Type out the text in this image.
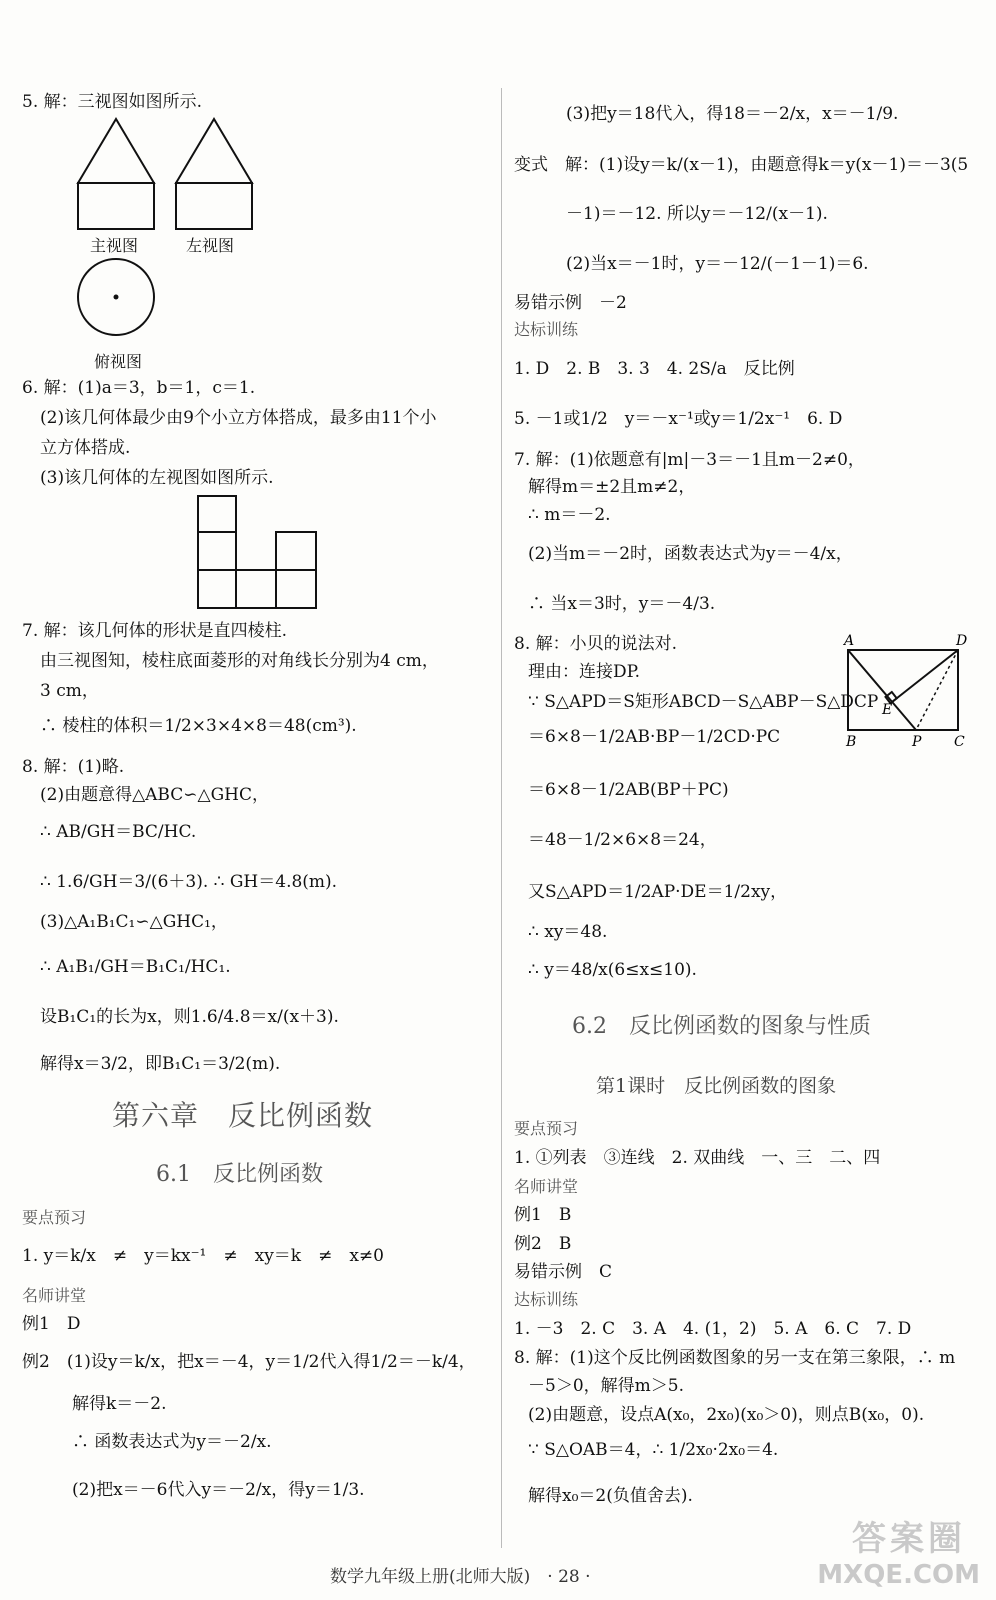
5. 解：三视图如图所示.
主视图	左视图
俯视图
6. 解：(1)a＝3，b＝1，c＝1.
(2)该几何体最少由9个小立方体搭成，最多由11个小
立方体搭成.
(3)该几何体的左视图如图所示.
7. 解：该几何体的形状是直四棱柱.
由三视图知，棱柱底面菱形的对角线长分别为4 cm，
3 cm，
∴ 棱柱的体积＝1/2×3×4×8＝48(cm³).
8. 解：(1)略.
(2)由题意得△ABC∽△GHC，
∴ AB/GH＝BC/HC.
∴ 1.6/GH＝3/(6＋3). ∴ GH＝4.8(m).
(3)△A₁B₁C₁∽△GHC₁，
∴ A₁B₁/GH＝B₁C₁/HC₁.
设B₁C₁的长为x，则1.6/4.8＝x/(x＋3).
解得x＝3/2，即B₁C₁＝3/2(m).
第六章　反比例函数
6.1　反比例函数
要点预习
1. y＝k/x　≠　y＝kx⁻¹　≠　xy＝k　≠　x≠0
名师讲堂
例1　D
例2　(1)设y＝k/x，把x＝－4，y＝1/2代入得1/2＝－k/4，
解得k＝－2.
∴ 函数表达式为y＝－2/x.
(2)把x＝－6代入y＝－2/x，得y＝1/3.
(3)把y＝18代入，得18＝－2/x，x＝－1/9.
变式　解：(1)设y＝k/(x－1)，由题意得k＝y(x－1)＝－3(5
－1)＝－12. 所以y＝－12/(x－1).
(2)当x＝－1时，y＝－12/(－1－1)＝6.
易错示例　－2
达标训练
1. D　2. B　3. 3　4. 2S/a　反比例
5. －1或1/2　y＝－x⁻¹或y＝1/2x⁻¹　6. D
7. 解：(1)依题意有|m|－3＝－1且m－2≠0，
解得m＝±2且m≠2，
∴ m＝－2.
(2)当m＝－2时，函数表达式为y＝－4/x，
∴ 当x＝3时，y＝－4/3.
8. 解：小贝的说法对.
理由：连接DP.
∵ S△APD＝S矩形ABCD－S△ABP－S△DCP
＝6×8－1/2AB·BP－1/2CD·PC
＝6×8－1/2AB(BP＋PC)
＝48－1/2×6×8＝24，
又S△APD＝1/2AP·DE＝1/2xy，
∴ xy＝48.
∴ y＝48/x(6≤x≤10).
A	D
B	P C
E
6.2　反比例函数的图象与性质
第1课时　反比例函数的图象
要点预习
1. ①列表　③连线　2. 双曲线　一、三　二、四
名师讲堂
例1　B
例2　B
易错示例　C
达标训练
1. －3　2. C　3. A　4. (1，2)　5. A　6. C　7. D
8. 解：(1)这个反比例函数图象的另一支在第三象限，∴ m
－5＞0，解得m＞5.
(2)由题意，设点A(x₀，2x₀)(x₀＞0)，则点B(x₀，0).
∵ S△OAB＝4，∴ 1/2x₀·2x₀＝4.
解得x₀＝2(负值舍去).
数学九年级上册(北师大版)　· 28 ·
答案圈
MXQE.COM
